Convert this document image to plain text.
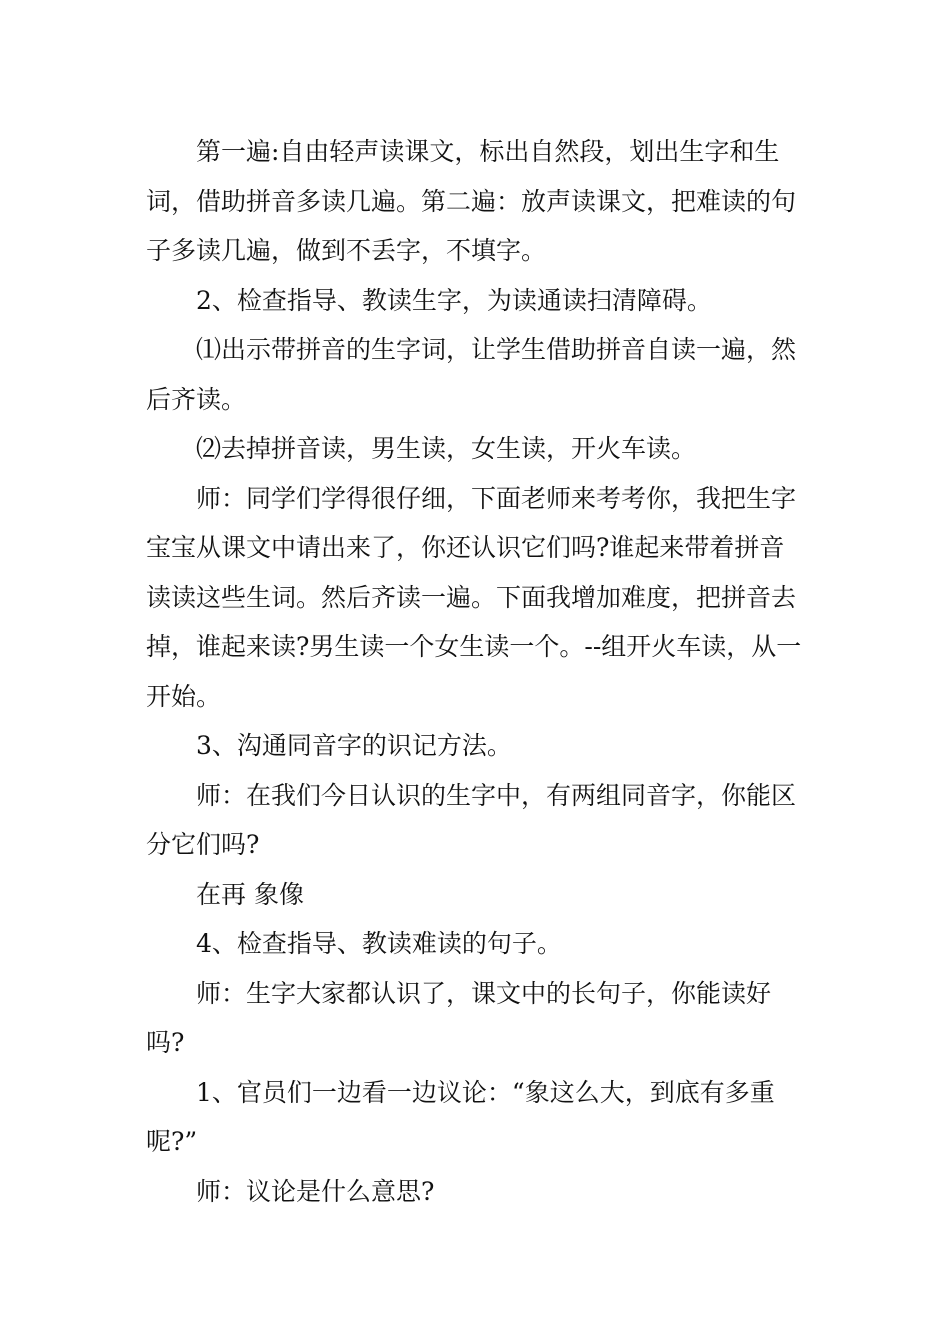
第一遍:自由轻声读课文，标出自然段，划出生字和生词，借助拼音多读几遍。第二遍：放声读课文，把难读的句子多读几遍，做到不丢字，不填字。

2、检查指导、教读生字，为读通读扫清障碍。

⑴出示带拼音的生字词，让学生借助拼音自读一遍，然后齐读。

⑵去掉拼音读，男生读，女生读，开火车读。

师：同学们学得很仔细，下面老师来考考你，我把生字宝宝从课文中请出来了，你还认识它们吗?谁起来带着拼音读读这些生词。然后齐读一遍。下面我增加难度，把拼音去掉，谁起来读?男生读一个女生读一个。--组开火车读，从一开始。

3、沟通同音字的识记方法。

师：在我们今日认识的生字中，有两组同音字，你能区分它们吗?

在再 象像

4、检查指导、教读难读的句子。

师：生字大家都认识了，课文中的长句子，你能读好吗?

1、官员们一边看一边议论：“象这么大，到底有多重呢?”

师：议论是什么意思?
